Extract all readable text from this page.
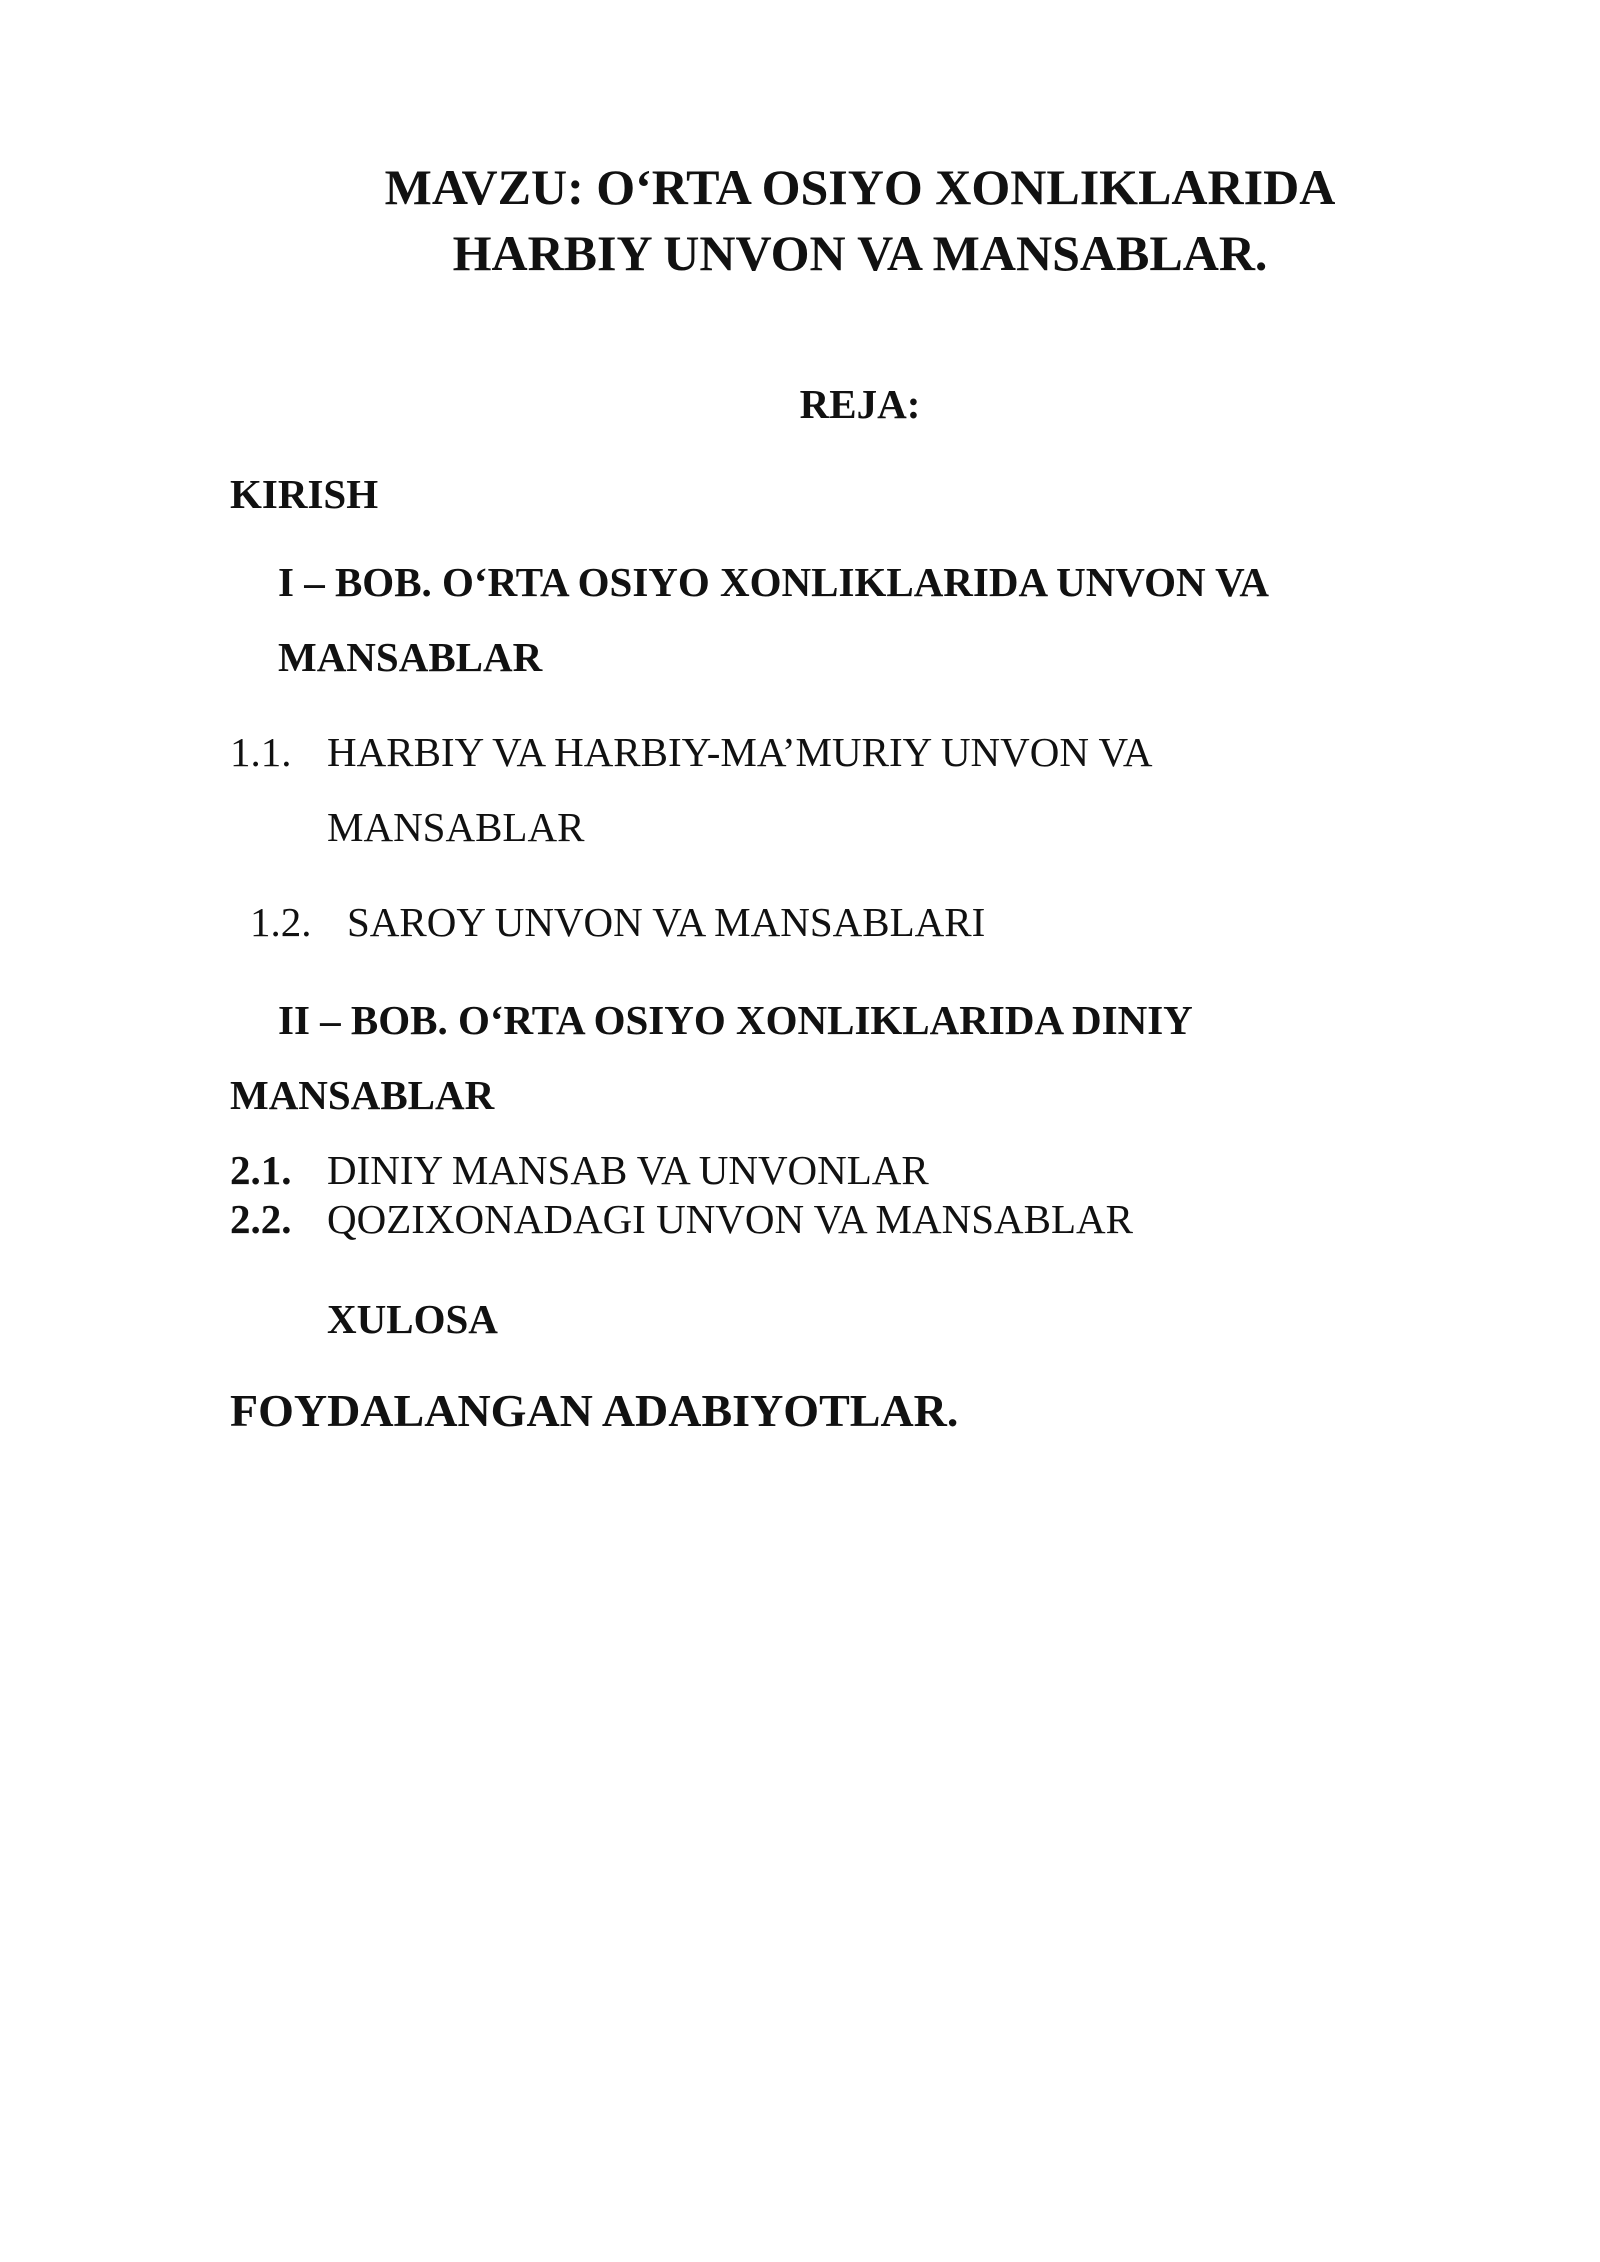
MAVZU: O‘RTA OSIYO XONLIKLARIDA
HARBIY UNVON VA MANSABLAR.
REJA:
KIRISH
I – BOB. O‘RTA OSIYO XONLIKLARIDA UNVON VA
MANSABLAR
1.1. HARBIY VA HARBIY-MA’MURIY UNVON VA
MANSABLAR
1.2. SAROY UNVON VA MANSABLARI
II – BOB. O‘RTA OSIYO XONLIKLARIDA DINIY
MANSABLAR
2.1. DINIY MANSAB VA UNVONLAR
2.2. QOZIXONADAGI UNVON VA MANSABLAR
XULOSA
FOYDALANGAN ADABIYOTLAR.
